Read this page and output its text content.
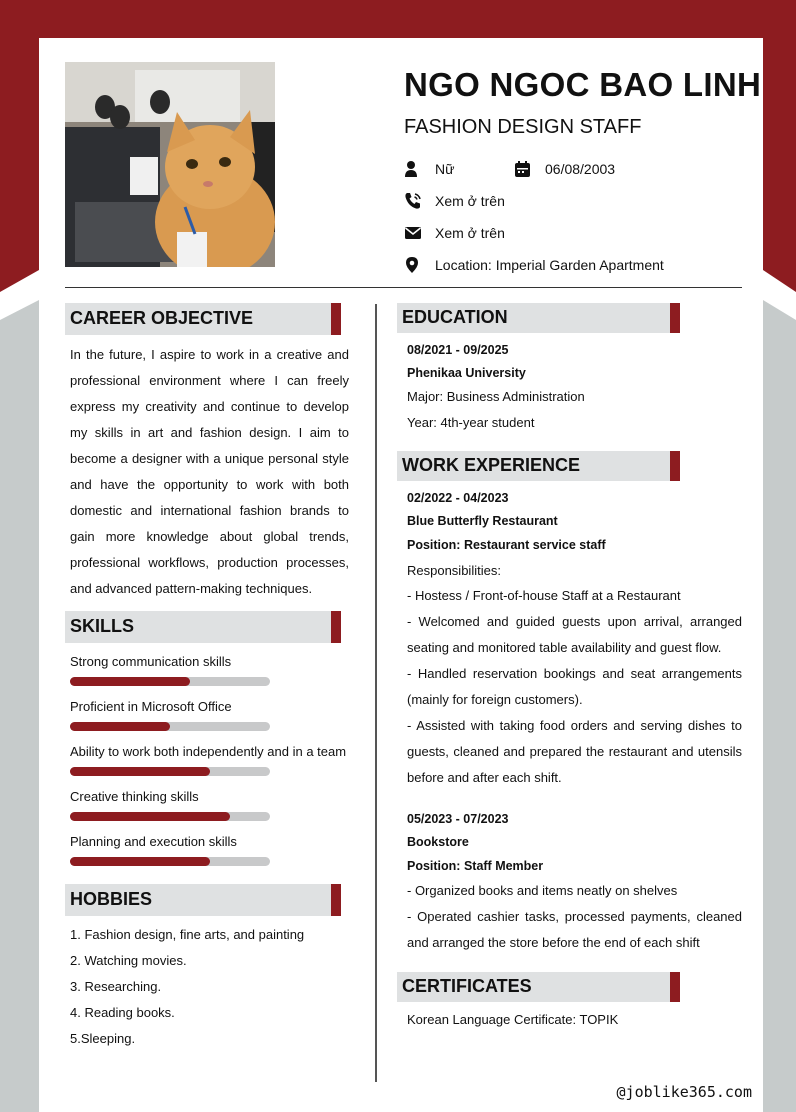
NGO NGOC BAO LINH
FASHION DESIGN STAFF
Nữ	06/08/2003
Xem ở trên
Xem ở trên
Location: Imperial Garden Apartment
CAREER OBJECTIVE
In the future, I aspire to work in a creative and professional environment where I can freely express my creativity and continue to develop my skills in art and fashion design. I aim to become a designer with a unique personal style and have the opportunity to work with both domestic and international fashion brands to gain more knowledge about global trends, professional workflows, production processes, and advanced pattern-making techniques.
SKILLS
Strong communication skills
Proficient in Microsoft Office
Ability to work both independently and in a team
Creative thinking skills
Planning and execution skills
HOBBIES
1. Fashion design, fine arts, and painting
2. Watching movies.
3. Researching.
4. Reading books.
5.Sleeping.
EDUCATION
08/2021 - 09/2025
Phenikaa University
Major: Business Administration
Year: 4th-year student
WORK EXPERIENCE
02/2022 - 04/2023
Blue Butterfly Restaurant
Position: Restaurant service staff
Responsibilities:
- Hostess / Front-of-house Staff at a Restaurant
- Welcomed and guided guests upon arrival, arranged seating and monitored table availability and guest flow.
- Handled reservation bookings and seat arrangements (mainly for foreign customers).
- Assisted with taking food orders and serving dishes to guests, cleaned and prepared the restaurant and utensils before and after each shift.
05/2023 - 07/2023
Bookstore
Position: Staff Member
- Organized books and items neatly on shelves
- Operated cashier tasks, processed payments, cleaned and arranged the store before the end of each shift
CERTIFICATES
Korean Language Certificate: TOPIK
@joblike365.com
